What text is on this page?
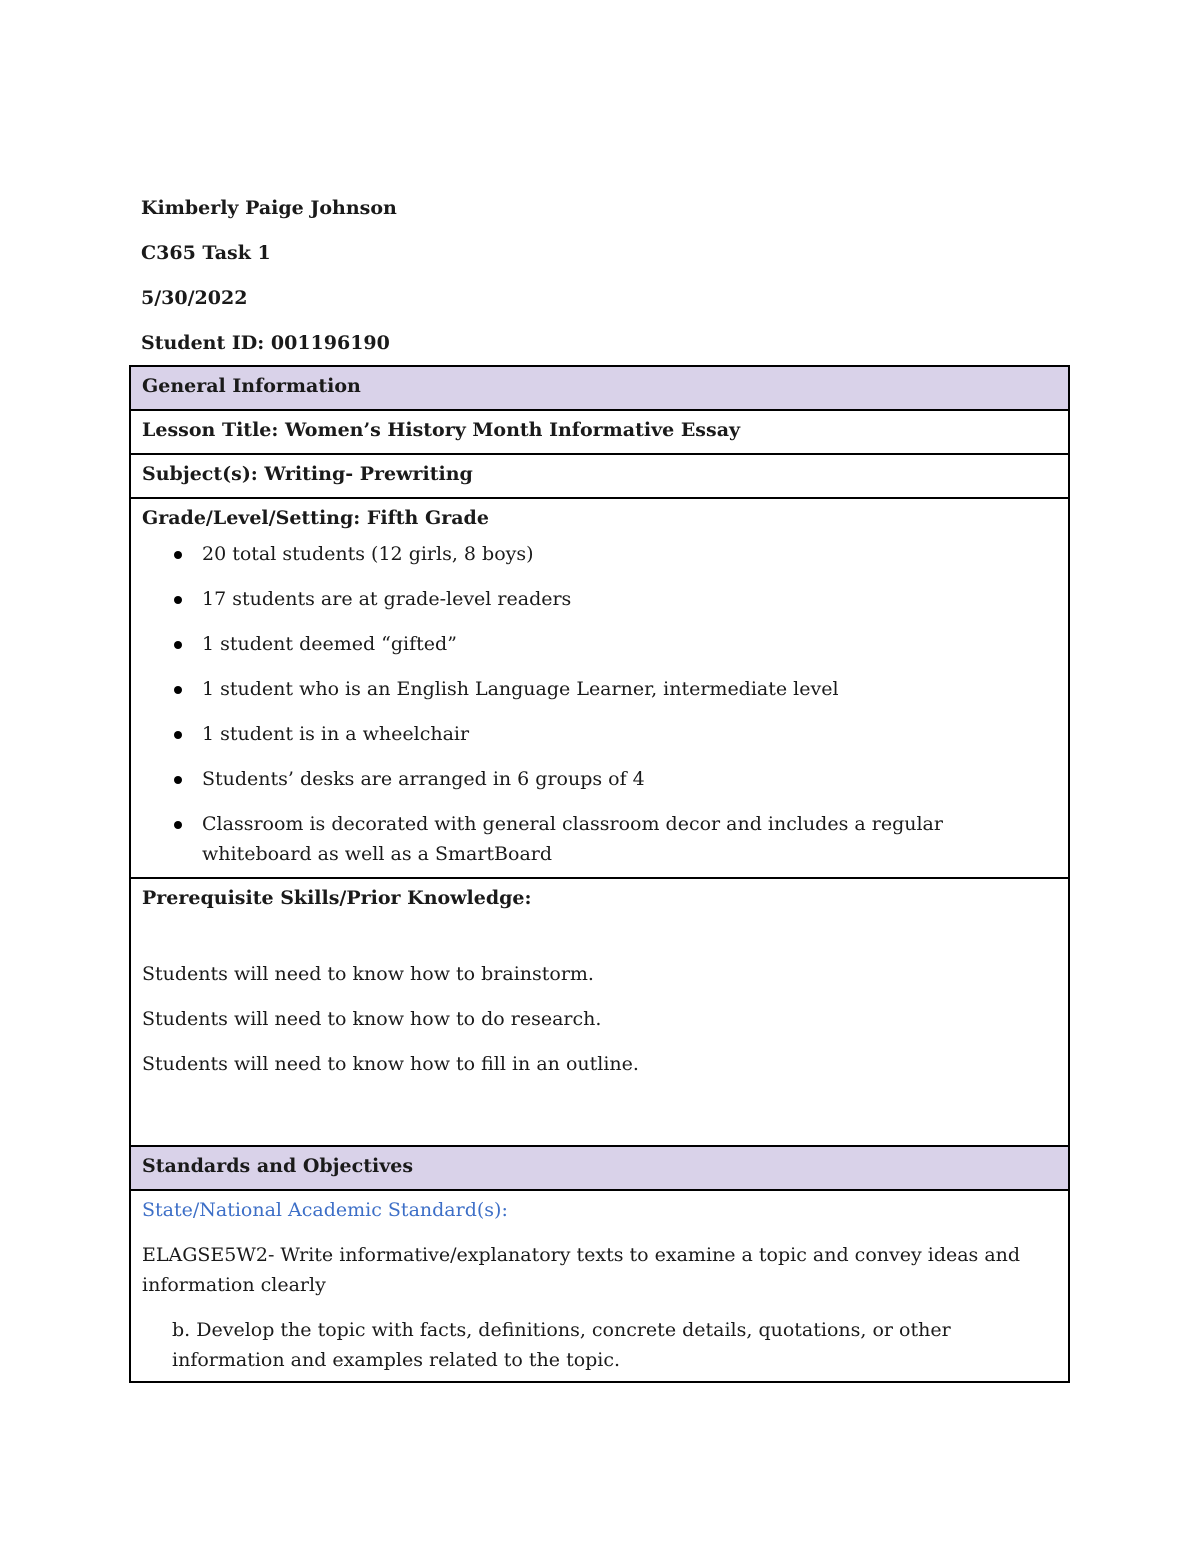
Kimberly Paige Johnson
C365 Task 1
5/30/2022
Student ID: 001196190
General Information

Lesson Title: Women’s History Month Informative Essay

Subject(s): Writing- Prewriting

Grade/Level/Setting: Fifth Grade
20 total students (12 girls, 8 boys)
17 students are at grade-level readers
1 student deemed “gifted”
1 student who is an English Language Learner, intermediate level
1 student is in a wheelchair
Students’ desks are arranged in 6 groups of 4
Classroom is decorated with general classroom decor and includes a regular whiteboard as well as a SmartBoard

Prerequisite Skills/Prior Knowledge:

Students will need to know how to brainstorm.

Students will need to know how to do research.

Students will need to know how to fill in an outline.

Standards and Objectives

State/National Academic Standard(s):

ELAGSE5W2- Write informative/explanatory texts to examine a topic and convey ideas and information clearly

b. Develop the topic with facts, definitions, concrete details, quotations, or other information and examples related to the topic.
